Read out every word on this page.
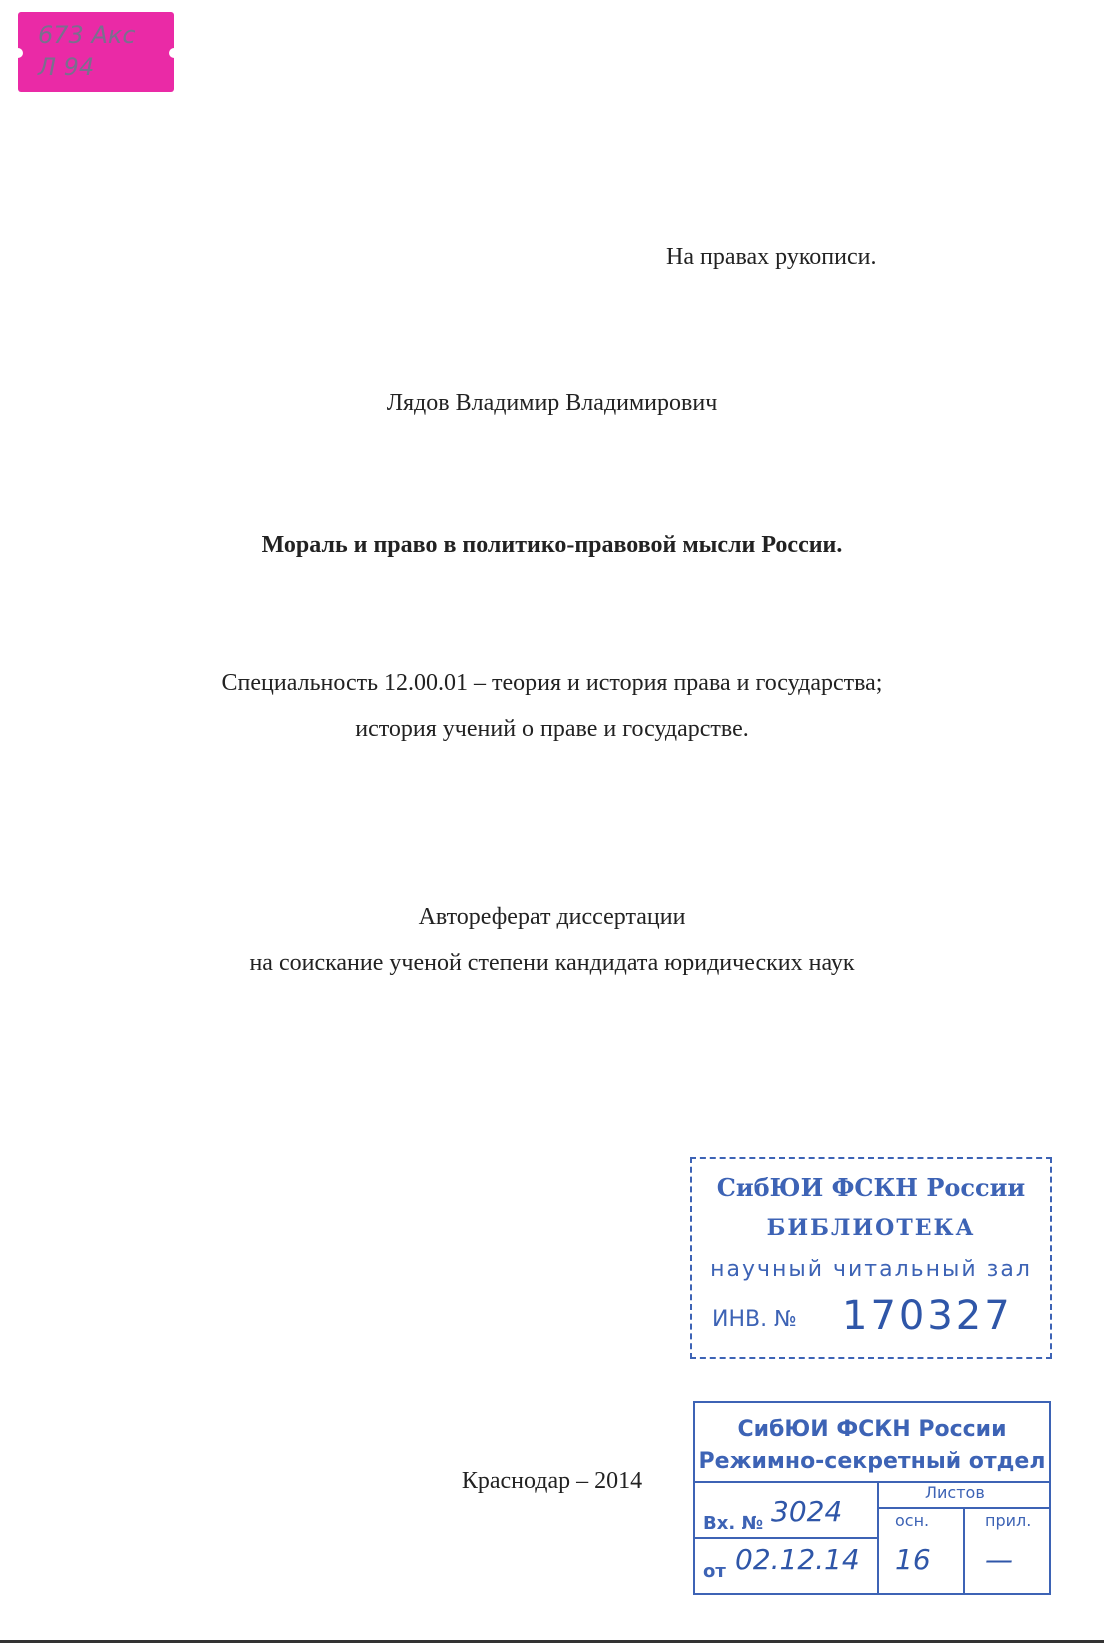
673 Акс
Л 94
На правах рукописи.
Лядов Владимир Владимирович
Мораль и право в политико-правовой мысли России.
Специальность 12.00.01 – теория и история права и государства;
история учений о праве и государстве.
Автореферат диссертации
на соискание ученой степени кандидата юридических наук
Краснодар – 2014
СибЮИ ФСКН России
БИБЛИОТЕКА
научный читальный зал
ИНВ. № 170327
СибЮИ ФСКН России
Режимно-секретный отдел
Листов
осн.	прил.
Вх. №
от
3024
02.12.14 16 —
